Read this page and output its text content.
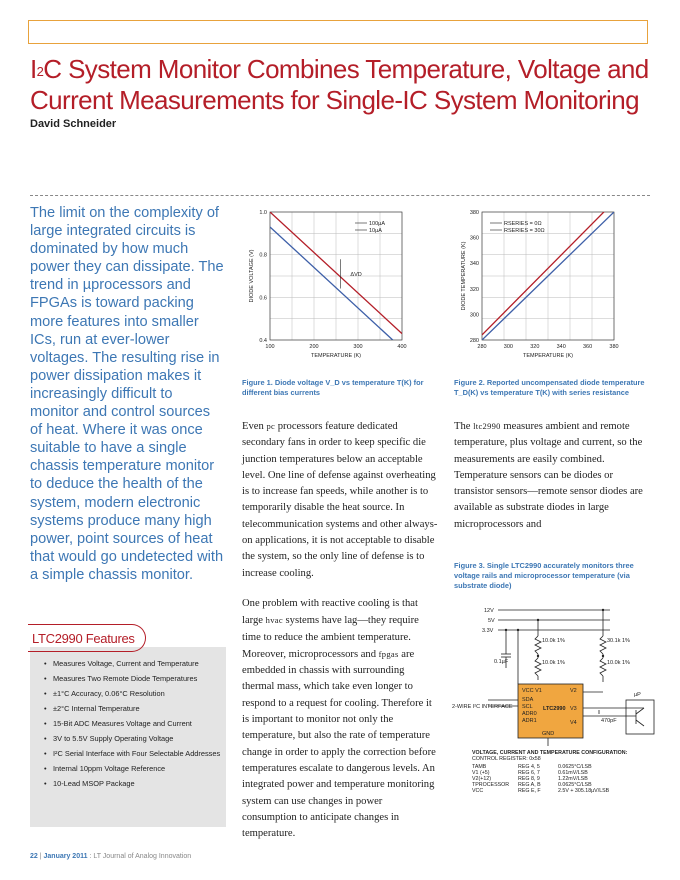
$I^2C$ System Monitor Combines Temperature, Voltage and Current Measurements for Single-IC System Monitoring
David Schneider
The limit on the complexity of large integrated circuits is dominated by how much power they can dissipate. The trend in µprocessors and FPGAs is toward packing more features into smaller ICs, run at ever-lower voltages. The resulting rise in power dissipation makes it increasingly difficult to monitor and control sources of heat. Where it was once suitable to have a single chassis temperature monitor to deduce the health of the system, modern electronic systems produce many high power, point sources of heat that would go undetected with a simple chassis monitor.
LTC2990 Features
• Measures Voltage, Current and Temperature
• Measures Two Remote Diode Temperatures
• ±1°C Accuracy, 0.06°C Resolution
• ±2°C Internal Temperature
• 15-Bit ADC Measures Voltage and Current
• 3V to 5.5V Supply Operating Voltage
• I²C Serial Interface with Four Selectable Addresses
• Internal 10ppm Voltage Reference
• 10-Lead MSOP Package
100	200	300	400
0.4
0.6
0.8
1.0
TEMPERATURE (K)
DIODE VOLTAGE (V)
100µA
10µA
ΔVD
Figure 1. Diode voltage V_D vs temperature T(K) for different bias currents
280	300	320	340	360	380
280
300
320
340
360
380
TEMPERATURE (K)
DIODE TEMPERATURE (K)
RSERIES = 0Ω
RSERIES = 30Ω
Figure 2. Reported uncompensated diode temperature T_D(K) vs temperature T(K) with series resistance

Even pc processors feature dedicated secondary fans in order to keep specific die junction temperatures below an acceptable level. One line of defense against overheating is to increase fan speeds, while another is to temporarily disable the heat source. In telecommunication systems and other always-on applications, it is not acceptable to disable the system, so the only line of defense is to increase cooling.

One problem with reactive cooling is that large hvac systems have lag—they require time to reduce the ambient temperature. Moreover, microprocessors and fpgas are embedded in chassis with surrounding thermal mass, which take even longer to respond to a request for cooling. Therefore it is important to monitor not only the temperature, but also the rate of temperature change in order to apply the correction before temperatures escalate to dangerous levels. An integrated power and temperature monitoring system can use changes in power consumption to anticipate changes in temperature.

The ltc2990 measures ambient and remote temperature, plus voltage and current, so the measurements are easily combined. Temperature sensors can be diodes or transistor sensors—remote sensor diodes are available as substrate diodes in large microprocessors and

Figure 3. Single LTC2990 accurately monitors three voltage rails and microprocessor temperature (via substrate diode)
12V
5V
3.3V
10.0k 1%
10.0k 1%
30.1k 1%
10.0k 1%
0.1µF
470pF
VCC V1
SDA
SCL
ADR0
ADR1
V2
V3
V4
GND
LTC2990
2-WIRE I²C INTERFACE
µP
VOLTAGE, CURRENT AND TEMPERATURE CONFIGURATION:
CONTROL REGISTER: 0x58
TAMB	REG 4, 5	0.0625°C/LSB
V1 (+5)	REG 6, 7	0.61mV/LSB
V2(+12)	REG 8, 9	1.22mV/LSB
TPROCESSOR REG A, B	0.0625°C/LSB
VCC	REG E, F	2.5V + 305.18µV/LSB
22 | January 2011 : LT Journal of Analog Innovation
